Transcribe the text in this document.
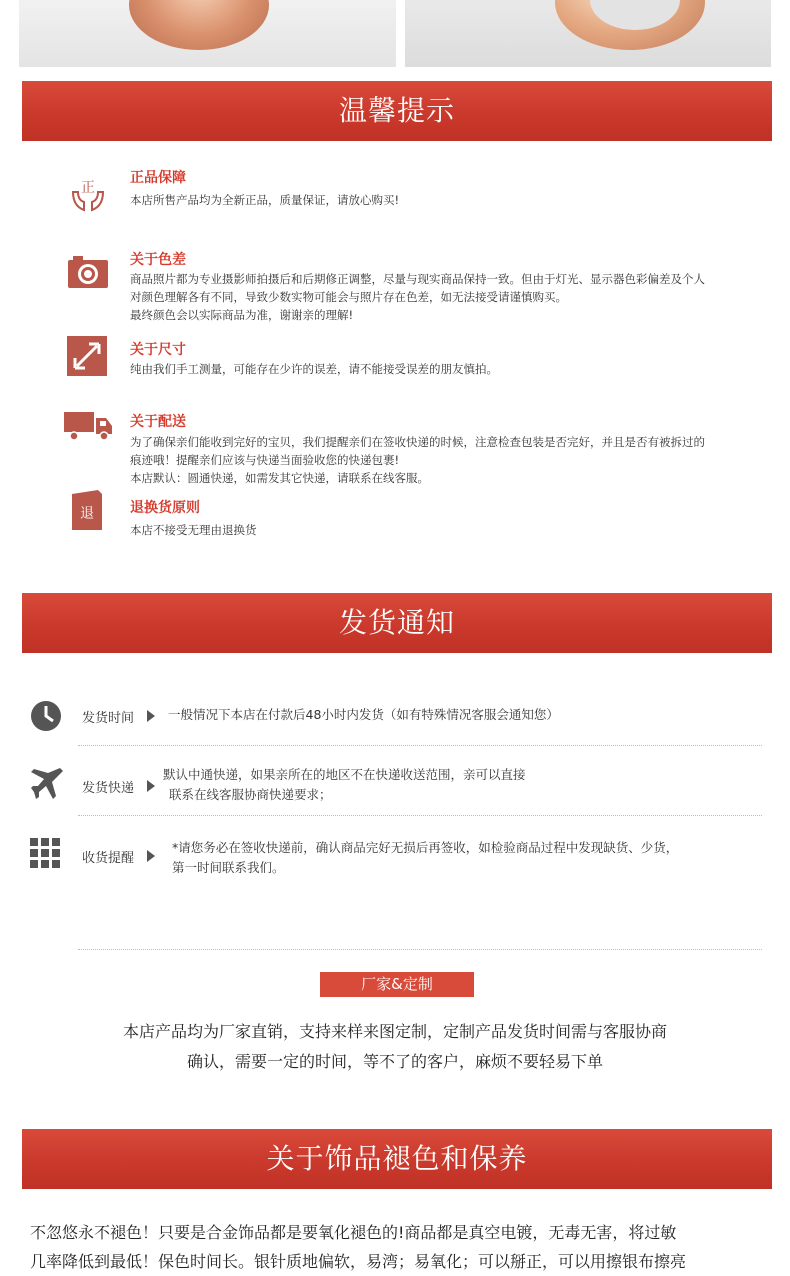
温馨提示
正
正品保障
本店所售产品均为全新正品，质量保证，请放心购买!
关于色差
商品照片都为专业摄影师拍摄后和后期修正调整，尽量与现实商品保持一致。但由于灯光、显示器色彩偏差及个人
对颜色理解各有不同，导致少数实物可能会与照片存在色差，如无法接受请谨慎购买。
最终颜色会以实际商品为准，谢谢亲的理解!
关于尺寸
纯由我们手工测量，可能存在少许的误差，请不能接受误差的朋友慎拍。
关于配送
为了确保亲们能收到完好的宝贝，我们提醒亲们在签收快递的时候，注意检查包装是否完好，并且是否有被拆过的
痕迹哦！提醒亲们应该与快递当面验收您的快递包裹!
本店默认：圆通快递，如需发其它快递，请联系在线客服。
退	退换货原则
本店不接受无理由退换货
发货通知
发货时间	一般情况下本店在付款后48小时内发货（如有特殊情况客服会通知您）
发货快递
默认中通快递，如果亲所在的地区不在快递收送范围，亲可以直接
联系在线客服协商快递要求；
收货提醒
*请您务必在签收快递前，确认商品完好无损后再签收，如检验商品过程中发现缺货、少货，
第一时间联系我们。
厂家&定制
本店产品均为厂家直销，支持来样来图定制，定制产品发货时间需与客服协商
确认，需要一定的时间，等不了的客户，麻烦不要轻易下单
关于饰品褪色和保养
不忽悠永不褪色！只要是合金饰品都是要氧化褪色的!商品都是真空电镀，无毒无害，将过敏
几率降低到最低！保色时间长。银针质地偏软，易湾；易氧化；可以掰正，可以用擦银布擦亮
